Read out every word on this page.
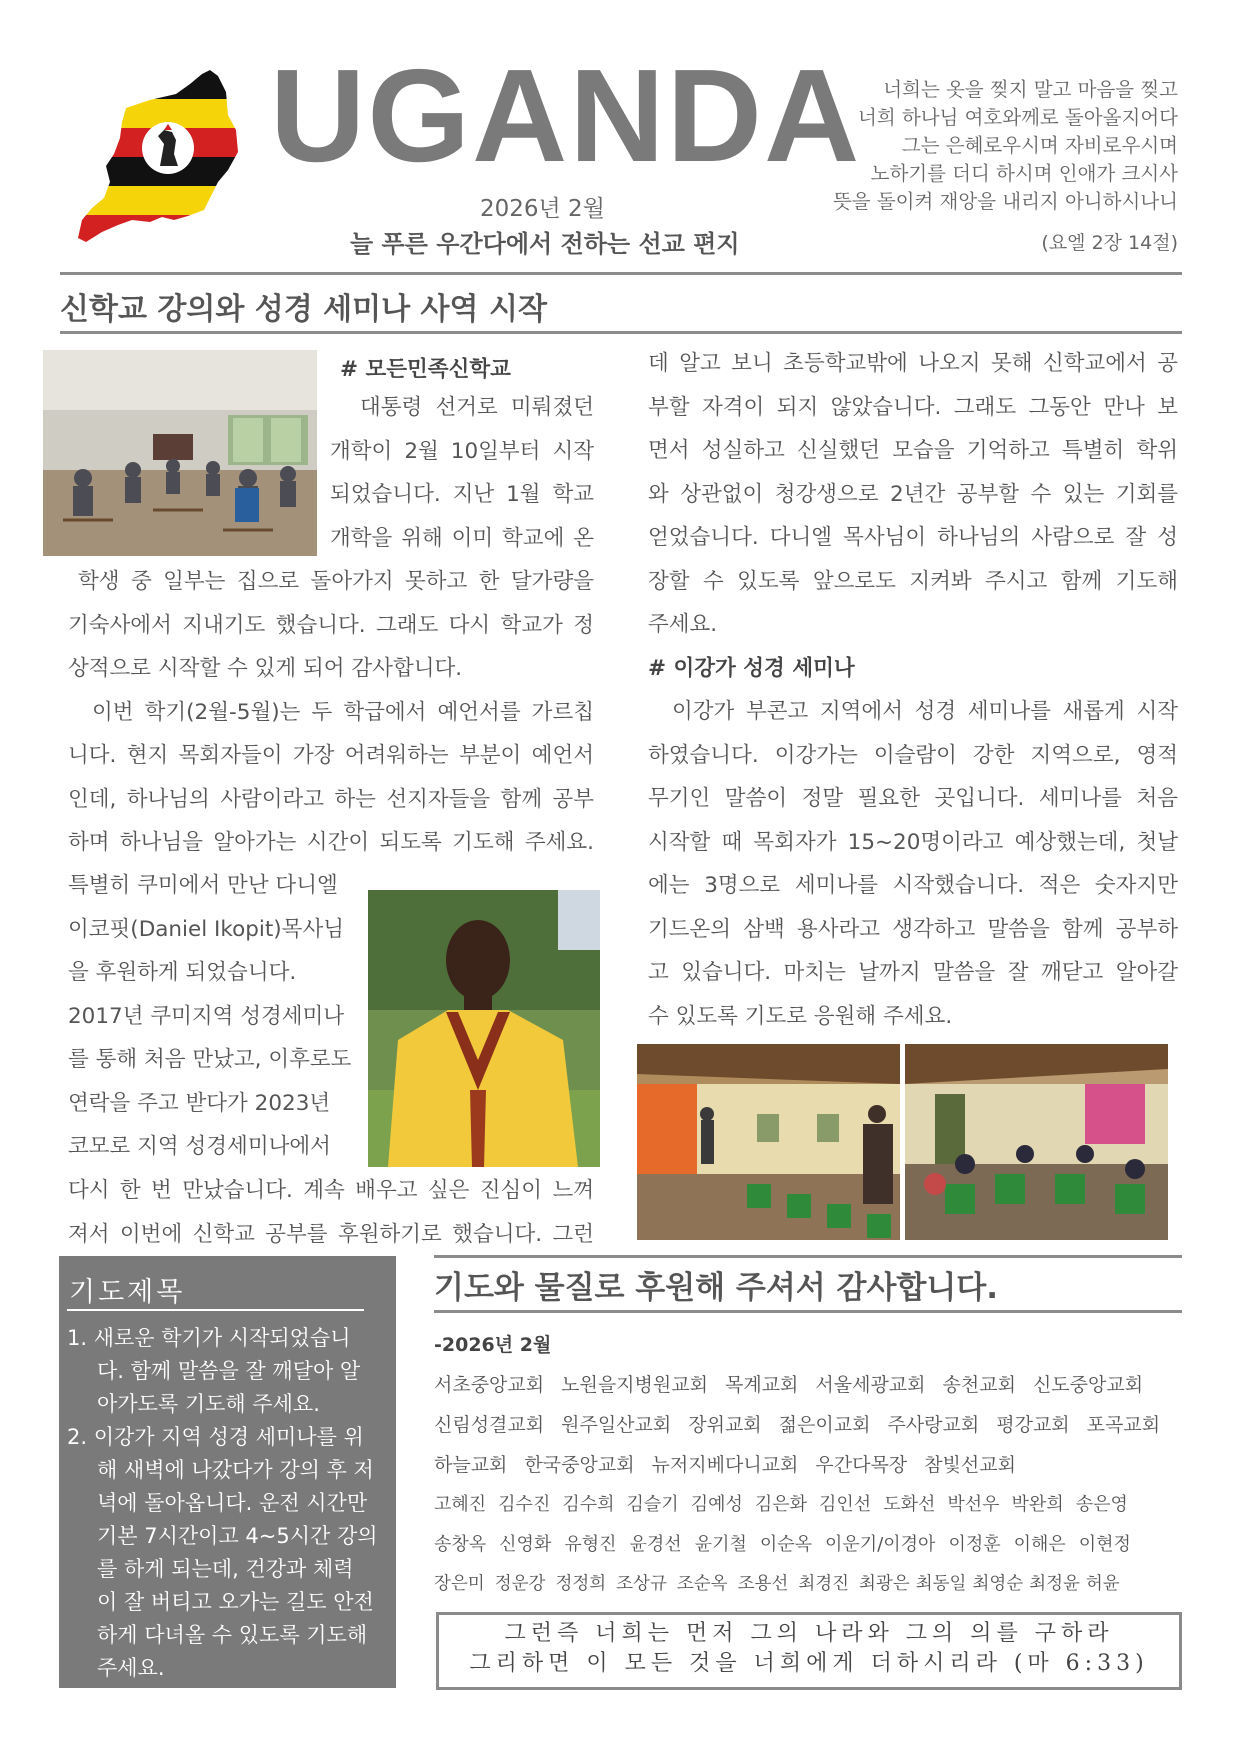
UGANDA
2026년 2월
늘 푸른 우간다에서 전하는 선교 편지
너희는 옷을 찢지 말고 마음을 찢고
너희 하나님 여호와께로 돌아올지어다
그는 은혜로우시며 자비로우시며
노하기를 더디 하시며 인애가 크시사
뜻을 돌이켜 재앙을 내리지 아니하시나니
(요엘 2장 14절)
신학교 강의와 성경 세미나 사역 시작
# 모든민족신학교
대통령 선거로 미뤄졌던
개학이 2월 10일부터 시작
되었습니다. 지난 1월 학교
개학을 위해 이미 학교에 온
학생 중 일부는 집으로 돌아가지 못하고 한 달가량을
기숙사에서 지내기도 했습니다. 그래도 다시 학교가 정
상적으로 시작할 수 있게 되어 감사합니다.
이번 학기(2월-5월)는 두 학급에서 예언서를 가르칩
니다. 현지 목회자들이 가장 어려워하는 부분이 예언서
인데, 하나님의 사람이라고 하는 선지자들을 함께 공부
하며 하나님을 알아가는 시간이 되도록 기도해 주세요.
특별히 쿠미에서 만난 다니엘
이코핏(Daniel Ikopit)목사님
을 후원하게 되었습니다.
2017년 쿠미지역 성경세미나
를 통해 처음 만났고, 이후로도
연락을 주고 받다가 2023년
코모로 지역 성경세미나에서
다시 한 번 만났습니다. 계속 배우고 싶은 진심이 느껴
져서 이번에 신학교 공부를 후원하기로 했습니다. 그런
데 알고 보니 초등학교밖에 나오지 못해 신학교에서 공
부할 자격이 되지 않았습니다. 그래도 그동안 만나 보
면서 성실하고 신실했던 모습을 기억하고 특별히 학위
와 상관없이 청강생으로 2년간 공부할 수 있는 기회를
얻었습니다. 다니엘 목사님이 하나님의 사람으로 잘 성
장할 수 있도록 앞으로도 지켜봐 주시고 함께 기도해
주세요.
# 이강가 성경 세미나
이강가 부콘고 지역에서 성경 세미나를 새롭게 시작
하였습니다. 이강가는 이슬람이 강한 지역으로, 영적
무기인 말씀이 정말 필요한 곳입니다. 세미나를 처음
시작할 때 목회자가 15~20명이라고 예상했는데, 첫날
에는 3명으로 세미나를 시작했습니다. 적은 숫자지만
기드온의 삼백 용사라고 생각하고 말씀을 함께 공부하
고 있습니다. 마치는 날까지 말씀을 잘 깨닫고 알아갈
수 있도록 기도로 응원해 주세요.
기도제목
1. 새로운 학기가 시작되었습니
다. 함께 말씀을 잘 깨달아 알
아가도록 기도해 주세요.
2. 이강가 지역 성경 세미나를 위
해 새벽에 나갔다가 강의 후 저
녁에 돌아옵니다. 운전 시간만
기본 7시간이고 4~5시간 강의
를 하게 되는데, 건강과 체력
이 잘 버티고 오가는 길도 안전
하게 다녀올 수 있도록 기도해
주세요.
기도와 물질로 후원해 주셔서 감사합니다.
-2026년 2월
서초중앙교회 노원을지병원교회 목계교회 서울세광교회 송천교회 신도중앙교회
신림성결교회 원주일산교회 장위교회 젊은이교회 주사랑교회 평강교회 포곡교회
하늘교회 한국중앙교회 뉴저지베다니교회 우간다목장 참빛선교회
고혜진 김수진 김수희 김슬기 김예성 김은화 김인선 도화선 박선우 박완희 송은영
송창옥 신영화 유형진 윤경선 윤기철 이순옥 이운기/이경아 이정훈 이해은 이현정
장은미 정운강 정정희 조상규 조순옥 조용선 최경진 최광은 최동일 최영순 최정윤 허윤
그런즉 너희는 먼저 그의 나라와 그의 의를 구하라
그리하면 이 모든 것을 너희에게 더하시리라 (마 6:33)
